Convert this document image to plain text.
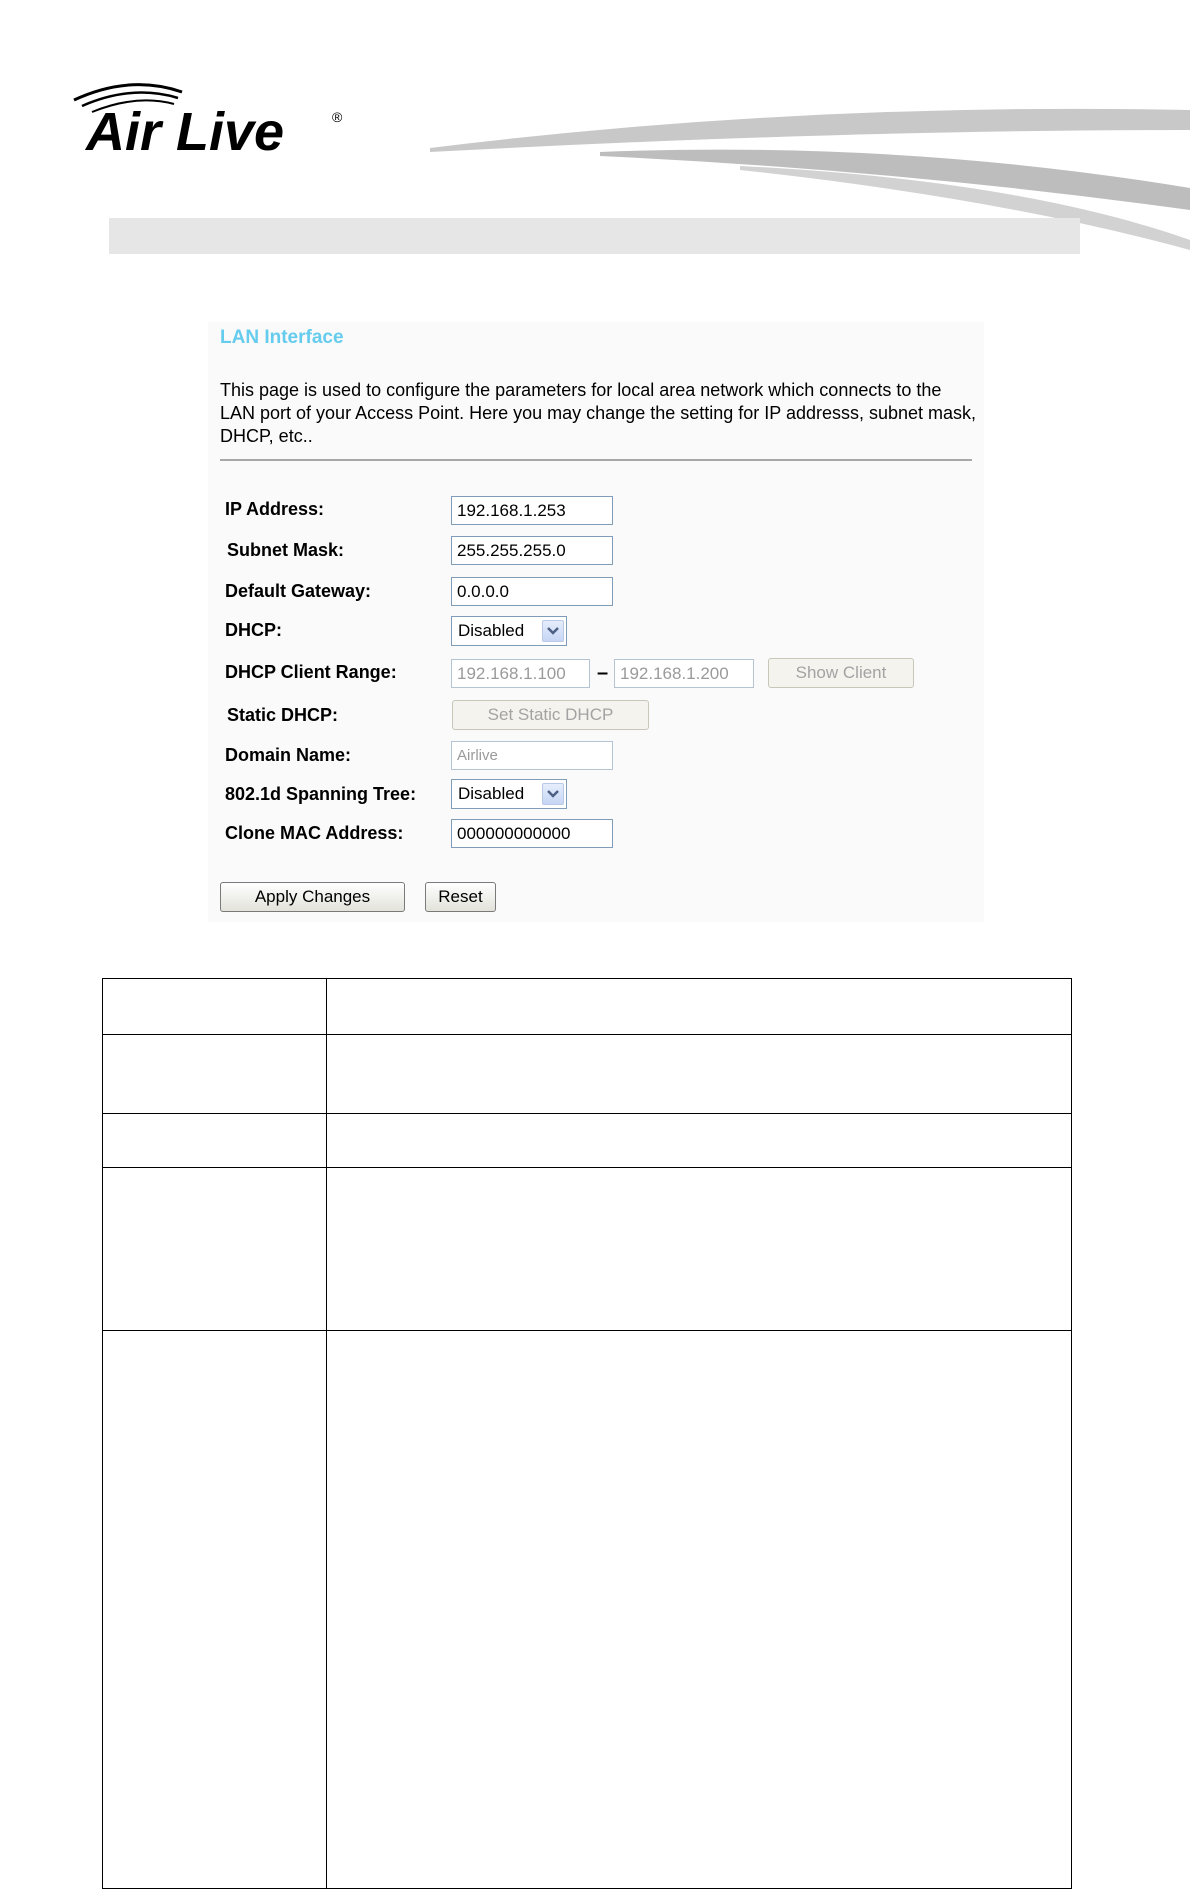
Air Live	®
LAN Interface
This page is used to configure the parameters for local area network which connects to the LAN port of your Access Point. Here you may change the setting for IP addresss, subnet mask, DHCP, etc..
IP Address:	192.168.1.253
Subnet Mask:	255.255.255.0
Default Gateway:	0.0.0.0
DHCP:	Disabled
DHCP Client Range:	192.168.1.100	– 192.168.1.200	Show Client
Static DHCP:	Set Static DHCP
Domain Name:	Airlive
802.1d Spanning Tree:	Disabled
Clone MAC Address:	000000000000
Apply Changes	Reset
